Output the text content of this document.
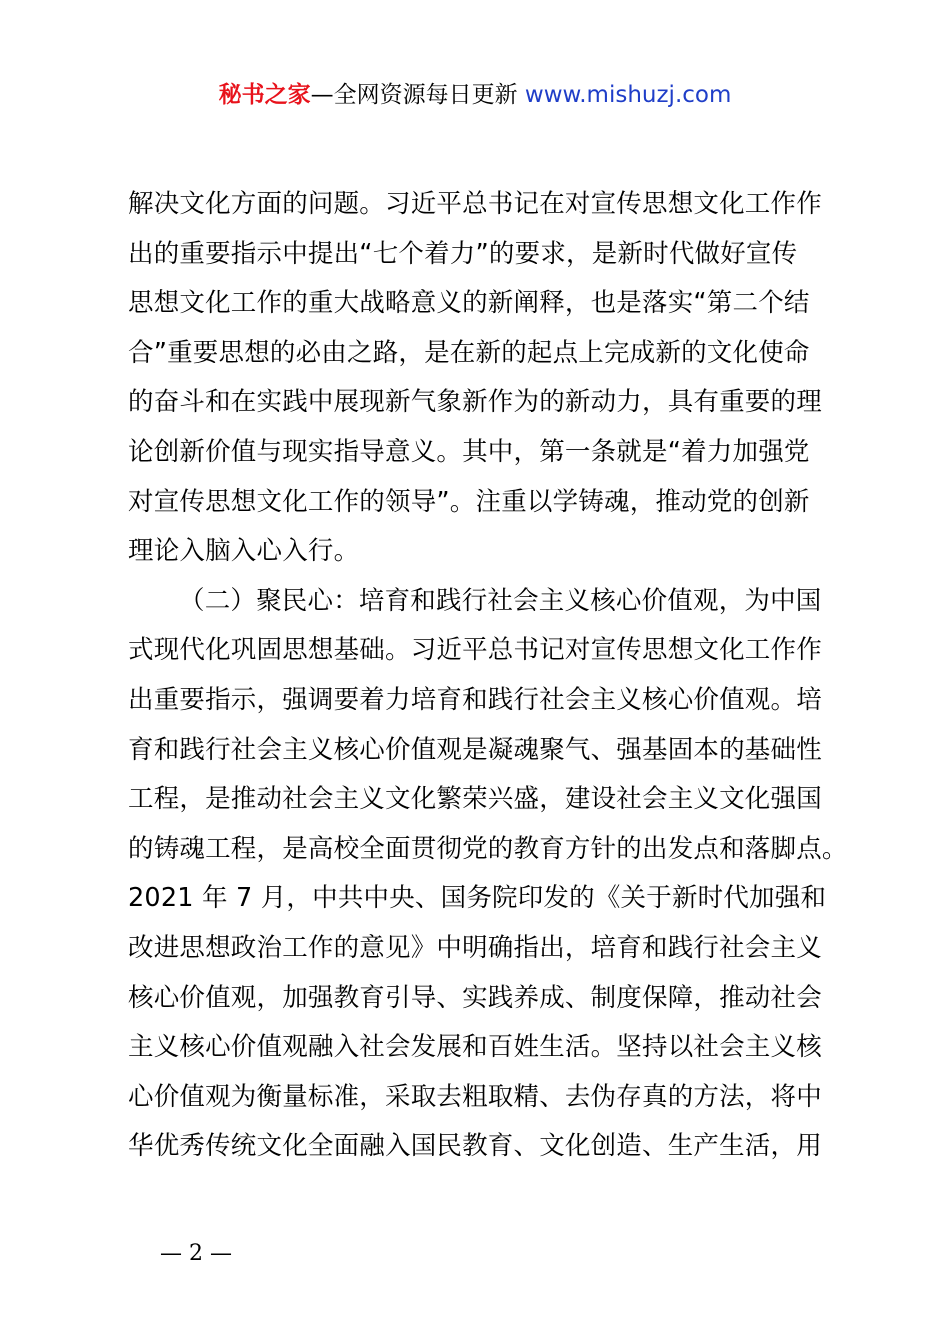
秘书之家—全网资源每日更新 www.mishuzj.com
解决文化方面的问题。习近平总书记在对宣传思想文化工作作
出的重要指示中提出“七个着力”的要求，是新时代做好宣传
思想文化工作的重大战略意义的新阐释，也是落实“第二个结
合”重要思想的必由之路，是在新的起点上完成新的文化使命
的奋斗和在实践中展现新气象新作为的新动力，具有重要的理
论创新价值与现实指导意义。其中，第一条就是“着力加强党
对宣传思想文化工作的领导”。注重以学铸魂，推动党的创新
理论入脑入心入行。
（二）聚民心：培育和践行社会主义核心价值观，为中国
式现代化巩固思想基础。习近平总书记对宣传思想文化工作作
出重要指示，强调要着力培育和践行社会主义核心价值观。培
育和践行社会主义核心价值观是凝魂聚气、强基固本的基础性
工程，是推动社会主义文化繁荣兴盛，建设社会主义文化强国
的铸魂工程，是高校全面贯彻党的教育方针的出发点和落脚点。
2021 年 7 月，中共中央、国务院印发的《关于新时代加强和
改进思想政治工作的意见》中明确指出，培育和践行社会主义
核心价值观，加强教育引导、实践养成、制度保障，推动社会
主义核心价值观融入社会发展和百姓生活。坚持以社会主义核
心价值观为衡量标准，采取去粗取精、去伪存真的方法，将中
华优秀传统文化全面融入国民教育、文化创造、生产生活，用
— 2 —
